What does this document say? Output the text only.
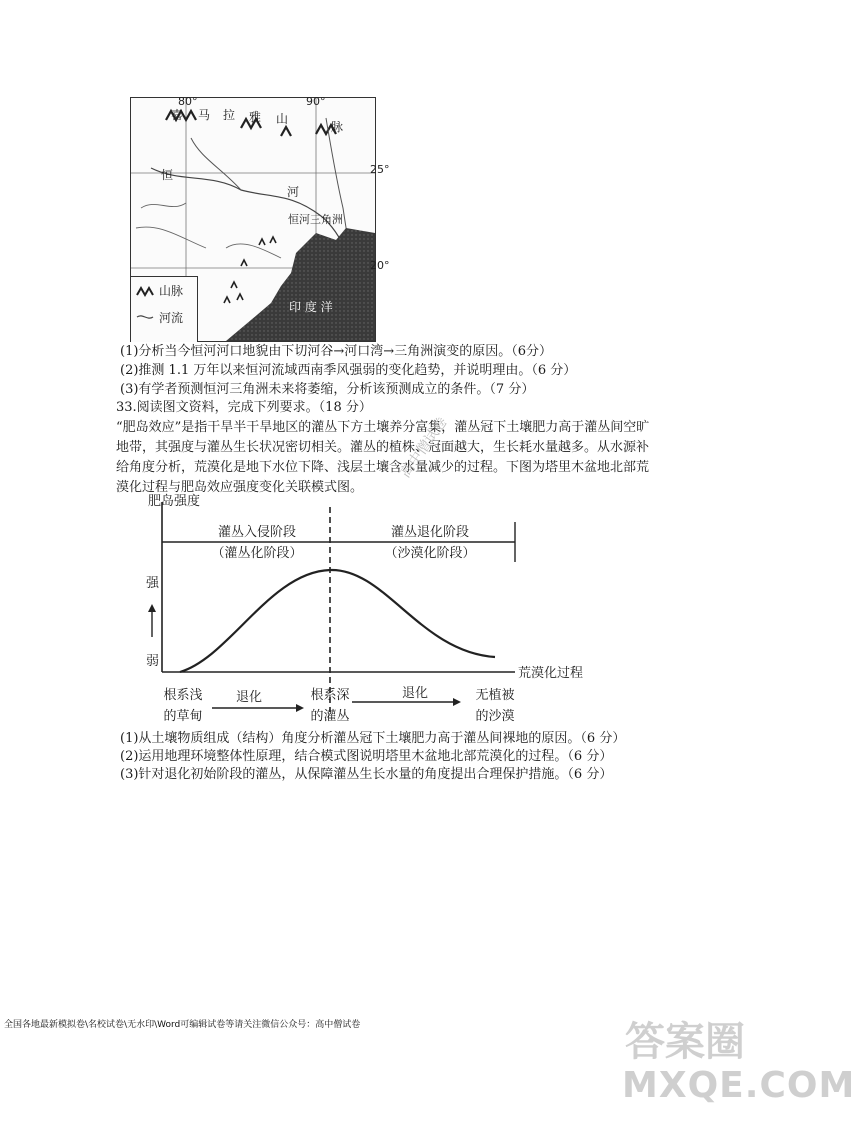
喜 马 拉 雅 山
脉
恒
河
恒河三角洲
印 度 洋
山脉
河流
80°	90°
25°
20°
(1)分析当今恒河河口地貌由下切河谷→河口湾→三角洲演变的原因。（6分）
(2)推测 1.1 万年以来恒河流域西南季风强弱的变化趋势，并说明理由。（6 分）
(3)有学者预测恒河三角洲未来将萎缩，分析该预测成立的条件。（7 分）
33.阅读图文资料，完成下列要求。（18 分）
“肥岛效应”是指干旱半干旱地区的灌丛下方土壤养分富集，灌丛冠下土壤肥力高于灌丛间空旷
地带，其强度与灌丛生长状况密切相关。灌丛的植株、冠面越大，生长耗水量越多。从水源补
给角度分析，荒漠化是地下水位下降、浅层土壤含水量减少的过程。下图为塔里木盆地北部荒
漠化过程与肥岛效应强度变化关联模式图。
肥岛强度
强
弱
荒漠化过程
灌丛入侵阶段
（灌丛化阶段）
灌丛退化阶段
（沙漠化阶段）
根系浅
的草甸
退化	根系深
的灌丛
退化	无植被
的沙漠
(1)从土壤物质组成（结构）角度分析灌丛冠下土壤肥力高于灌丛间裸地的原因。（6 分）
(2)运用地理环境整体性原理，结合模式图说明塔里木盆地北部荒漠化的过程。（6 分）
(3)针对退化初始阶段的灌丛，从保障灌丛生长水量的角度提出合理保护措施。（6 分）
全国各地最新模拟卷\名校试卷\无水印\Word可编辑试卷等请关注微信公众号：高中僧试卷	答案圈
MXQE.COM
高中僧试卷
